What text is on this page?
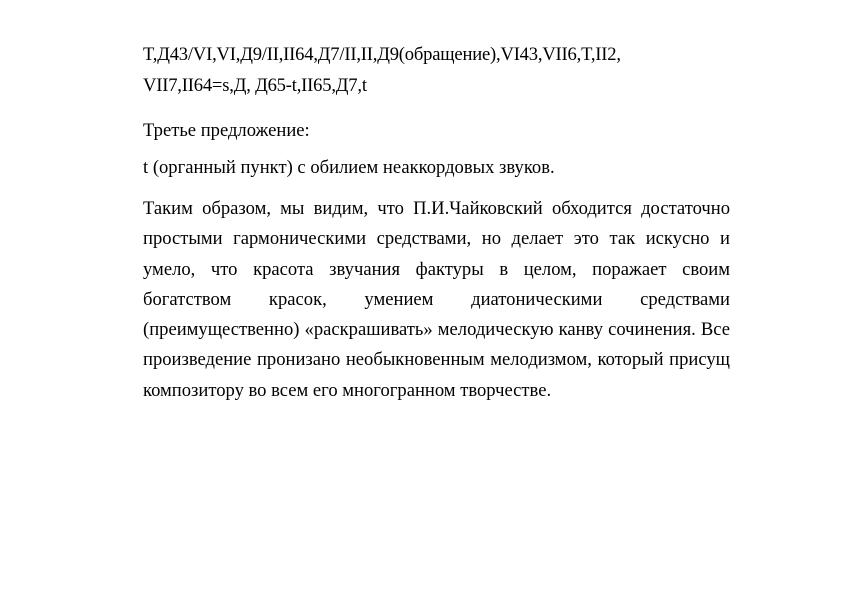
T,Д43/VI,VI,Д9/II,II64,Д7/II,II,Д9(обращение),VI43,VII6,T,II2,
VII7,II64=s,Д, Д65-t,II65,Д7,t
Третье предложение:
t (органный пункт) с обилием неаккордовых звуков.
Таким образом, мы видим, что П.И.Чайковский обходится достаточно простыми гармоническими средствами, но делает это так искусно и умело, что красота звучания фактуры в целом, поражает своим богатством красок, умением диатоническими средствами (преимущественно) «раскрашивать» мелодическую канву сочинения. Все произведение пронизано необыкновенным мелодизмом, который присущ композитору во всем его многогранном творчестве.
